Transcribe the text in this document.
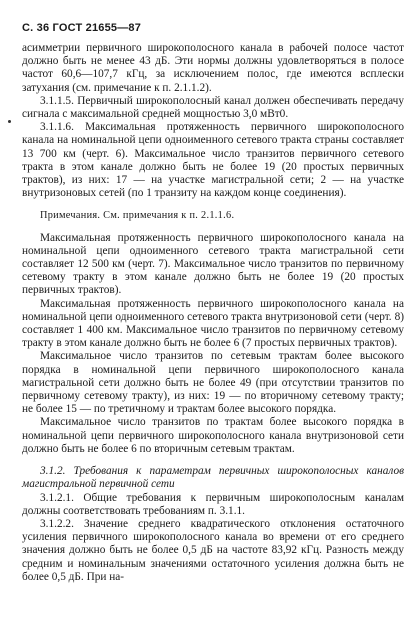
С. 36 ГОСТ 21655—87

асимметрии первичного широкополосного канала в рабочей полосе частот должно быть не менее 43 дБ. Эти нормы должны удовлетворяться в полосе частот 60,6—107,7 кГц, за исключением полос, где имеются всплески затухания (см. примечание к п. 2.1.1.2).

3.1.1.5. Первичный широкополосный канал должен обеспечивать передачу сигнала с максимальной средней мощностью 3,0 мВт0.

3.1.1.6. Максимальная протяженность первичного широкополосного канала на номинальной цепи одноименного сетевого тракта страны составляет 13 700 км (черт. 6). Максимальное число транзитов первичного сетевого тракта в этом канале должно быть не более 19 (20 простых первичных трактов), из них: 17 — на участке магистральной сети; 2 — на участке внутризоновых сетей (по 1 транзиту на каждом конце соединения).

Примечания. См. примечания к п. 2.1.1.6.

Максимальная протяженность первичного широкополосного канала на номинальной цепи одноименного сетевого тракта магистральной сети составляет 12 500 км (черт. 7). Максимальное число транзитов по первичному сетевому тракту в этом канале должно быть не более 19 (20 простых первичных трактов).

Максимальная протяженность первичного широкополосного канала на номинальной цепи одноименного сетевого тракта внутризоновой сети (черт. 8) составляет 1 400 км. Максимальное число транзитов по первичному сетевому тракту в этом канале должно быть не более 6 (7 простых первичных трактов).

Максимальное число транзитов по сетевым трактам более высокого порядка в номинальной цепи первичного широкополосного канала магистральной сети должно быть не более 49 (при отсутствии транзитов по первичному сетевому тракту), из них: 19 — по вторичному сетевому тракту; не более 15 — по третичному и трактам более высокого порядка.

Максимальное число транзитов по трактам более высокого порядка в номинальной цепи первичного широкополосного канала внутризоновой сети должно быть не более 6 по вторичным сетевым трактам.

3.1.2. Требования к параметрам первичных широкополосных каналов магистральной первичной сети

3.1.2.1. Общие требования к первичным широкополосным каналам должны соответствовать требованиям п. 3.1.1.

3.1.2.2. Значение среднего квадратического отклонения остаточного усиления первичного широкополосного канала во времени от его среднего значения должно быть не более 0,5 дБ на частоте 83,92 кГц. Разность между средним и номинальным значениями остаточного усиления должна быть не более 0,5 дБ. При на-
